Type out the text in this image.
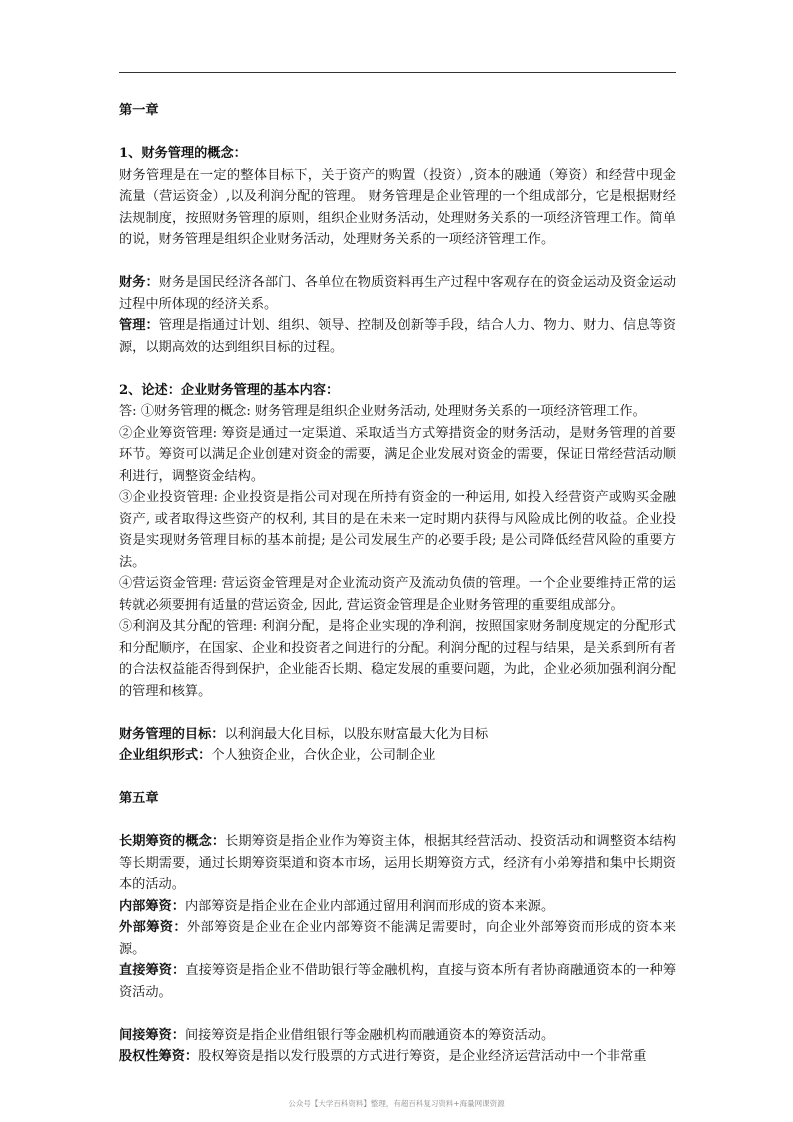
第一章

1、财务管理的概念：

财务管理是在一定的整体目标下，关于资产的购置（投资）,资本的融通（筹资）和经营中现金流量（营运资金）,以及利润分配的管理。 财务管理是企业管理的一个组成部分，它是根据财经法规制度，按照财务管理的原则，组织企业财务活动，处理财务关系的一项经济管理工作。简单的说，财务管理是组织企业财务活动，处理财务关系的一项经济管理工作。

财务：财务是国民经济各部门、各单位在物质资料再生产过程中客观存在的资金运动及资金运动过程中所体现的经济关系。

管理：管理是指通过计划、组织、领导、控制及创新等手段，结合人力、物力、财力、信息等资源，以期高效的达到组织目标的过程。

2、论述：企业财务管理的基本内容：

答: ①财务管理的概念: 财务管理是组织企业财务活动, 处理财务关系的一项经济管理工作。

②企业筹资管理: 筹资是通过一定渠道、采取适当方式筹措资金的财务活动，是财务管理的首要环节。筹资可以满足企业创建对资金的需要，满足企业发展对资金的需要，保证日常经营活动顺利进行，调整资金结构。

③企业投资管理: 企业投资是指公司对现在所持有资金的一种运用, 如投入经营资产或购买金融资产, 或者取得这些资产的权利, 其目的是在未来一定时期内获得与风险成比例的收益。企业投资是实现财务管理目标的基本前提; 是公司发展生产的必要手段; 是公司降低经营风险的重要方法。

④营运资金管理: 营运资金管理是对企业流动资产及流动负债的管理。一个企业要维持正常的运转就必须要拥有适量的营运资金, 因此, 营运资金管理是企业财务管理的重要组成部分。

⑤利润及其分配的管理: 利润分配，是将企业实现的净利润，按照国家财务制度规定的分配形式和分配顺序，在国家、企业和投资者之间进行的分配。利润分配的过程与结果，是关系到所有者的合法权益能否得到保护，企业能否长期、稳定发展的重要问题，为此，企业必须加强利润分配的管理和核算。

财务管理的目标：以利润最大化目标，以股东财富最大化为目标

企业组织形式：个人独资企业，合伙企业，公司制企业

第五章

长期筹资的概念：长期筹资是指企业作为筹资主体，根据其经营活动、投资活动和调整资本结构等长期需要，通过长期筹资渠道和资本市场，运用长期筹资方式，经济有小弟筹措和集中长期资本的活动。

内部筹资：内部筹资是指企业在企业内部通过留用利润而形成的资本来源。

外部筹资：外部筹资是企业在企业内部筹资不能满足需要时，向企业外部筹资而形成的资本来源。

直接筹资：直接筹资是指企业不借助银行等金融机构，直接与资本所有者协商融通资本的一种筹资活动。

间接筹资：间接筹资是指企业借组银行等金融机构而融通资本的筹资活动。

股权性筹资：股权筹资是指以发行股票的方式进行筹资，是企业经济运营活动中一个非常重

公众号【大学百科资料】整理，有超百科复习资料+海量网课资源
